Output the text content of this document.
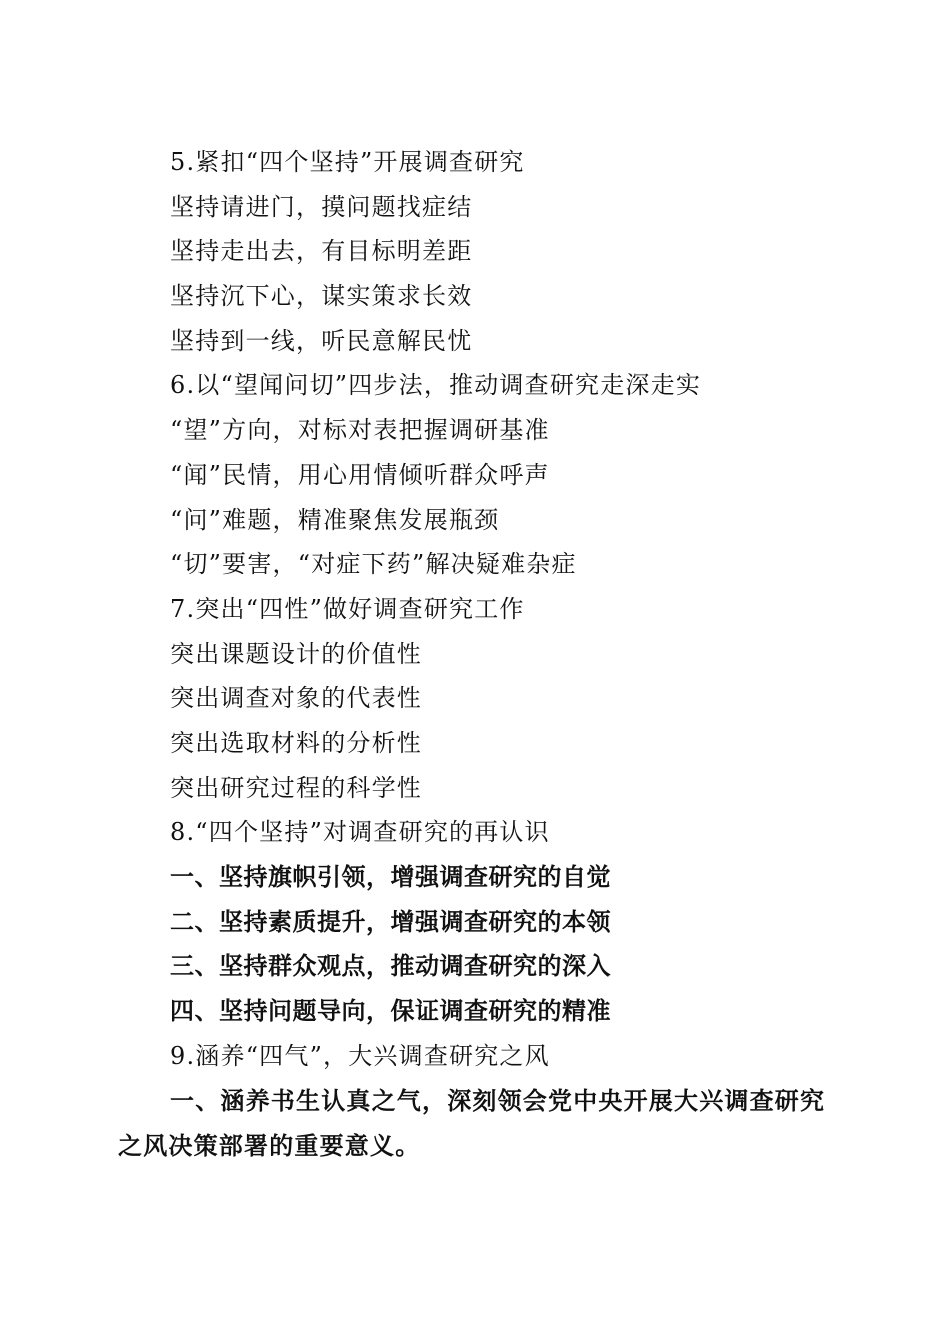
5.紧扣“四个坚持”开展调查研究
坚持请进门，摸问题找症结
坚持走出去，有目标明差距
坚持沉下心，谋实策求长效
坚持到一线，听民意解民忧
6.以“望闻问切”四步法，推动调查研究走深走实
“望”方向，对标对表把握调研基准
“闻”民情，用心用情倾听群众呼声
“问”难题，精准聚焦发展瓶颈
“切”要害，“对症下药”解决疑难杂症
7.突出“四性”做好调查研究工作
突出课题设计的价值性
突出调查对象的代表性
突出选取材料的分析性
突出研究过程的科学性
8.“四个坚持”对调查研究的再认识
一、坚持旗帜引领，增强调查研究的自觉
二、坚持素质提升，增强调查研究的本领
三、坚持群众观点，推动调查研究的深入
四、坚持问题导向，保证调查研究的精准
9.涵养“四气”，大兴调查研究之风
一、涵养书生认真之气，深刻领会党中央开展大兴调查研究之风决策部署的重要意义。
